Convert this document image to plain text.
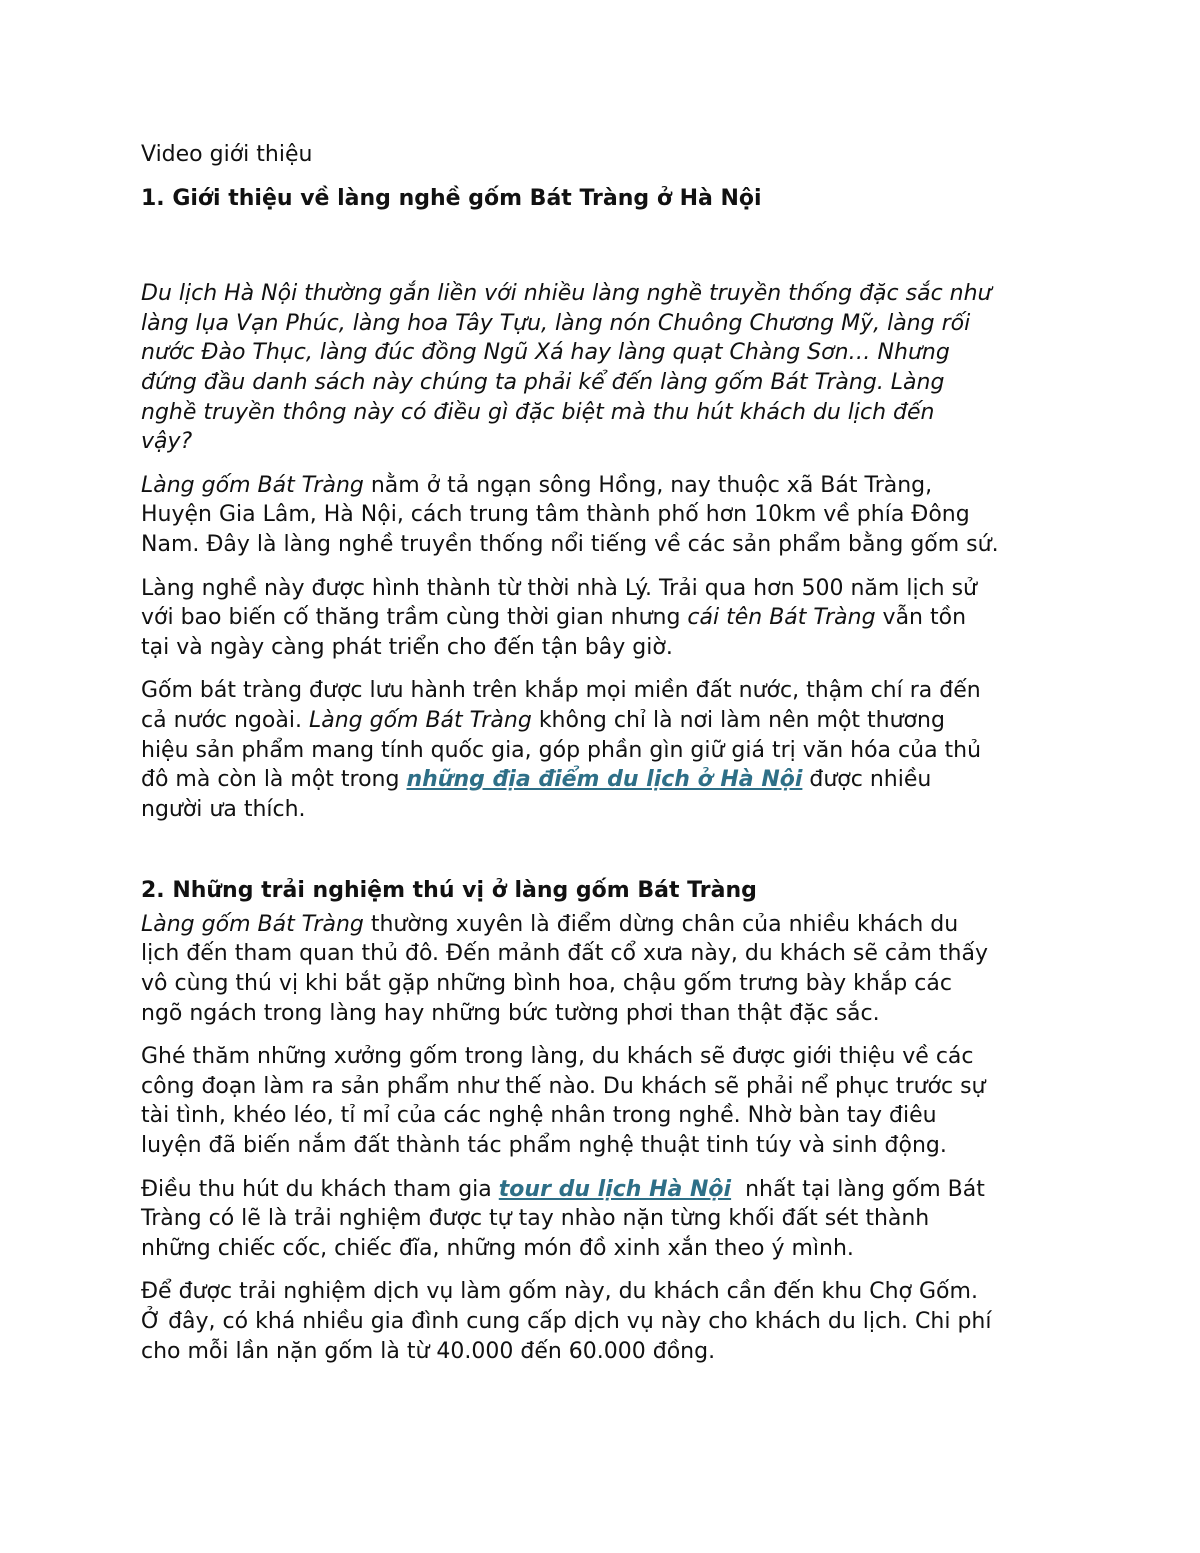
Video giới thiệu

1. Giới thiệu về làng nghề gốm Bát Tràng ở Hà Nội

Du lịch Hà Nội thường gắn liền với nhiều làng nghề truyền thống đặc sắc như

làng lụa Vạn Phúc, làng hoa Tây Tựu, làng nón Chuông Chương Mỹ, làng rối

nước Đào Thục, làng đúc đồng Ngũ Xá hay làng quạt Chàng Sơn… Nhưng

đứng đầu danh sách này chúng ta phải kể đến làng gốm Bát Tràng. Làng

nghề truyền thông này có điều gì đặc biệt mà thu hút khách du lịch đến

vậy?

Làng gốm Bát Tràng nằm ở tả ngạn sông Hồng, nay thuộc xã Bát Tràng,

Huyện Gia Lâm, Hà Nội, cách trung tâm thành phố hơn 10km về phía Đông

Nam. Đây là làng nghề truyền thống nổi tiếng về các sản phẩm bằng gốm sứ.

Làng nghề này được hình thành từ thời nhà Lý. Trải qua hơn 500 năm lịch sử

với bao biến cố thăng trầm cùng thời gian nhưng cái tên Bát Tràng vẫn tồn

tại và ngày càng phát triển cho đến tận bây giờ.

Gốm bát tràng được lưu hành trên khắp mọi miền đất nước, thậm chí ra đến

cả nước ngoài. Làng gốm Bát Tràng không chỉ là nơi làm nên một thương

hiệu sản phẩm mang tính quốc gia, góp phần gìn giữ giá trị văn hóa của thủ

đô mà còn là một trong những địa điểm du lịch ở Hà Nội được nhiều

người ưa thích.

2. Những trải nghiệm thú vị ở làng gốm Bát Tràng

Làng gốm Bát Tràng thường xuyên là điểm dừng chân của nhiều khách du

lịch đến tham quan thủ đô. Đến mảnh đất cổ xưa này, du khách sẽ cảm thấy

vô cùng thú vị khi bắt gặp những bình hoa, chậu gốm trưng bày khắp các

ngõ ngách trong làng hay những bức tường phơi than thật đặc sắc.

Ghé thăm những xưởng gốm trong làng, du khách sẽ được giới thiệu về các

công đoạn làm ra sản phẩm như thế nào. Du khách sẽ phải nể phục trước sự

tài tình, khéo léo, tỉ mỉ của các nghệ nhân trong nghề. Nhờ bàn tay điêu

luyện đã biến nắm đất thành tác phẩm nghệ thuật tinh túy và sinh động.

Điều thu hút du khách tham gia tour du lịch Hà Nội  nhất tại làng gốm Bát

Tràng có lẽ là trải nghiệm được tự tay nhào nặn từng khối đất sét thành

những chiếc cốc, chiếc đĩa, những món đồ xinh xắn theo ý mình.

Để được trải nghiệm dịch vụ làm gốm này, du khách cần đến khu Chợ Gốm.

Ở đây, có khá nhiều gia đình cung cấp dịch vụ này cho khách du lịch. Chi phí

cho mỗi lần nặn gốm là từ 40.000 đến 60.000 đồng.
